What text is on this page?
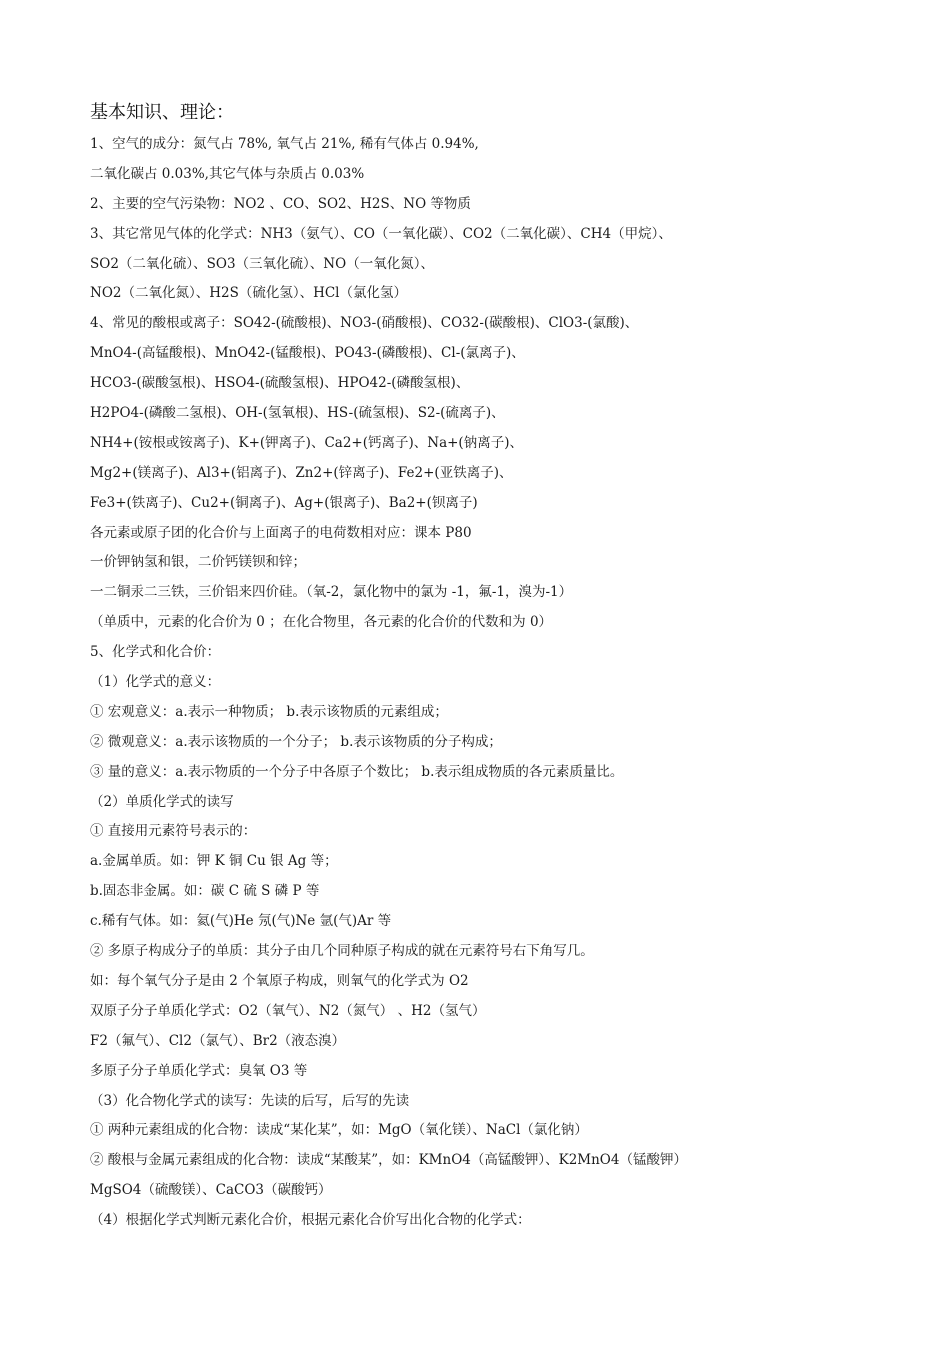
基本知识、理论：
1、空气的成分：氮气占 78%, 氧气占 21%, 稀有气体占 0.94%,
二氧化碳占 0.03%,其它气体与杂质占 0.03%
2、主要的空气污染物：NO2 、CO、SO2、H2S、NO 等物质
3、其它常见气体的化学式：NH3（氨气）、CO（一氧化碳）、CO2（二氧化碳）、CH4（甲烷）、
SO2（二氧化硫）、SO3（三氧化硫）、NO（一氧化氮）、
NO2（二氧化氮）、H2S（硫化氢）、HCl（氯化氢）
4、常见的酸根或离子：SO42-(硫酸根)、NO3-(硝酸根)、CO32-(碳酸根)、ClO3-(氯酸)、
MnO4-(高锰酸根)、MnO42-(锰酸根)、PO43-(磷酸根)、Cl-(氯离子)、
HCO3-(碳酸氢根)、HSO4-(硫酸氢根)、HPO42-(磷酸氢根)、
H2PO4-(磷酸二氢根)、OH-(氢氧根)、HS-(硫氢根)、S2-(硫离子)、
NH4+(铵根或铵离子)、K+(钾离子)、Ca2+(钙离子)、Na+(钠离子)、
Mg2+(镁离子)、Al3+(铝离子)、Zn2+(锌离子)、Fe2+(亚铁离子)、
Fe3+(铁离子)、Cu2+(铜离子)、Ag+(银离子)、Ba2+(钡离子)
各元素或原子团的化合价与上面离子的电荷数相对应：课本 P80
一价钾钠氢和银，二价钙镁钡和锌；
一二铜汞二三铁，三价铝来四价硅。（氧-2，氯化物中的氯为 -1，氟-1，溴为-1）
（单质中，元素的化合价为 0 ；在化合物里，各元素的化合价的代数和为 0）
5、化学式和化合价：
（1）化学式的意义：
① 宏观意义：a.表示一种物质； b.表示该物质的元素组成；
② 微观意义：a.表示该物质的一个分子； b.表示该物质的分子构成；
③ 量的意义：a.表示物质的一个分子中各原子个数比； b.表示组成物质的各元素质量比。
（2）单质化学式的读写
① 直接用元素符号表示的：
a.金属单质。如：钾 K 铜 Cu 银 Ag 等；
b.固态非金属。如：碳 C 硫 S 磷 P 等
c.稀有气体。如：氦(气)He 氖(气)Ne 氩(气)Ar 等
② 多原子构成分子的单质：其分子由几个同种原子构成的就在元素符号右下角写几。
如：每个氧气分子是由 2 个氧原子构成，则氧气的化学式为 O2
双原子分子单质化学式：O2（氧气）、N2（氮气） 、H2（氢气）
F2（氟气）、Cl2（氯气）、Br2（液态溴）
多原子分子单质化学式：臭氧 O3 等
（3）化合物化学式的读写：先读的后写，后写的先读
① 两种元素组成的化合物：读成“某化某”，如：MgO（氧化镁）、NaCl（氯化钠）
② 酸根与金属元素组成的化合物：读成“某酸某”，如：KMnO4（高锰酸钾）、K2MnO4（锰酸钾）
MgSO4（硫酸镁）、CaCO3（碳酸钙）
（4）根据化学式判断元素化合价，根据元素化合价写出化合物的化学式：
